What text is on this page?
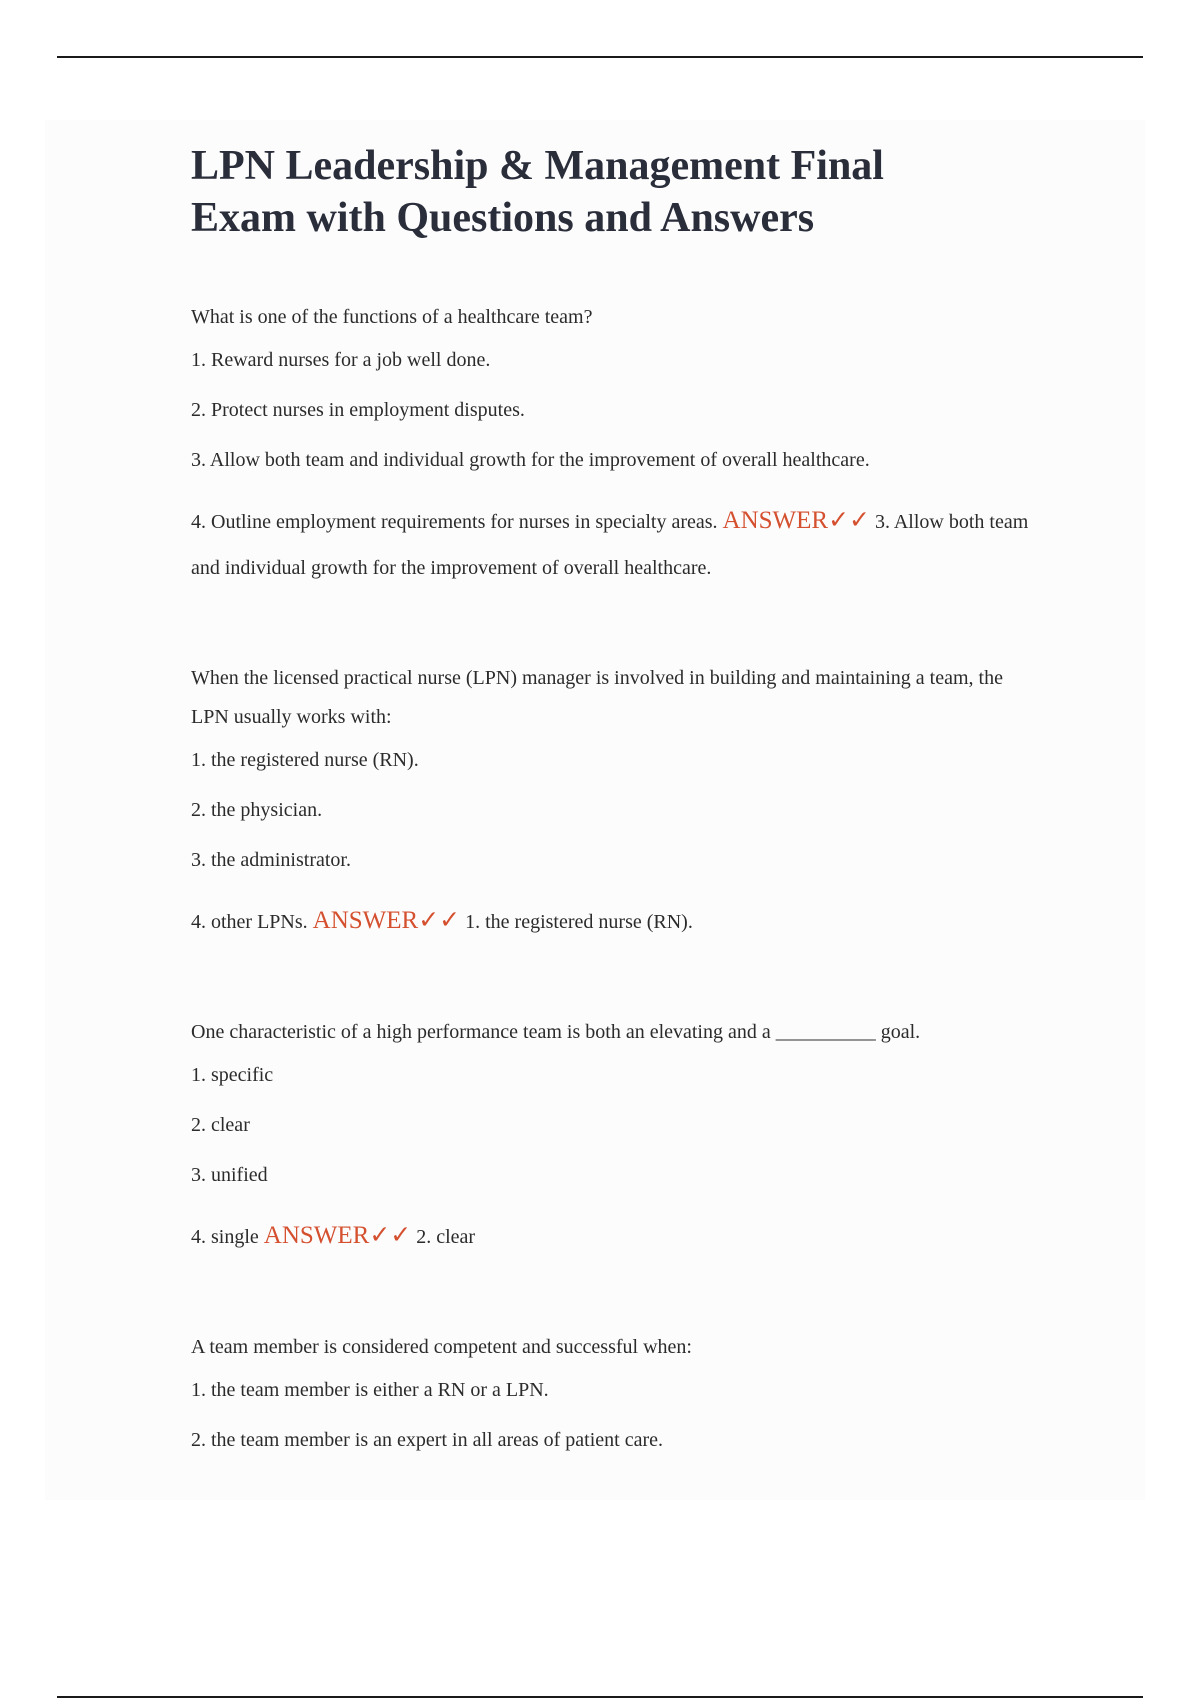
LPN Leadership & Management Final Exam with Questions and Answers

What is one of the functions of a healthcare team?

1. Reward nurses for a job well done.

2. Protect nurses in employment disputes.

3. Allow both team and individual growth for the improvement of overall healthcare.

4. Outline employment requirements for nurses in specialty areas. ANSWER✓✓ 3. Allow both team and individual growth for the improvement of overall healthcare.

When the licensed practical nurse (LPN) manager is involved in building and maintaining a team, the LPN usually works with:

1. the registered nurse (RN).

2. the physician.

3. the administrator.

4. other LPNs. ANSWER✓✓ 1. the registered nurse (RN).

One characteristic of a high performance team is both an elevating and a __________ goal.

1. specific

2. clear

3. unified

4. single ANSWER✓✓ 2. clear

A team member is considered competent and successful when:

1. the team member is either a RN or a LPN.

2. the team member is an expert in all areas of patient care.
